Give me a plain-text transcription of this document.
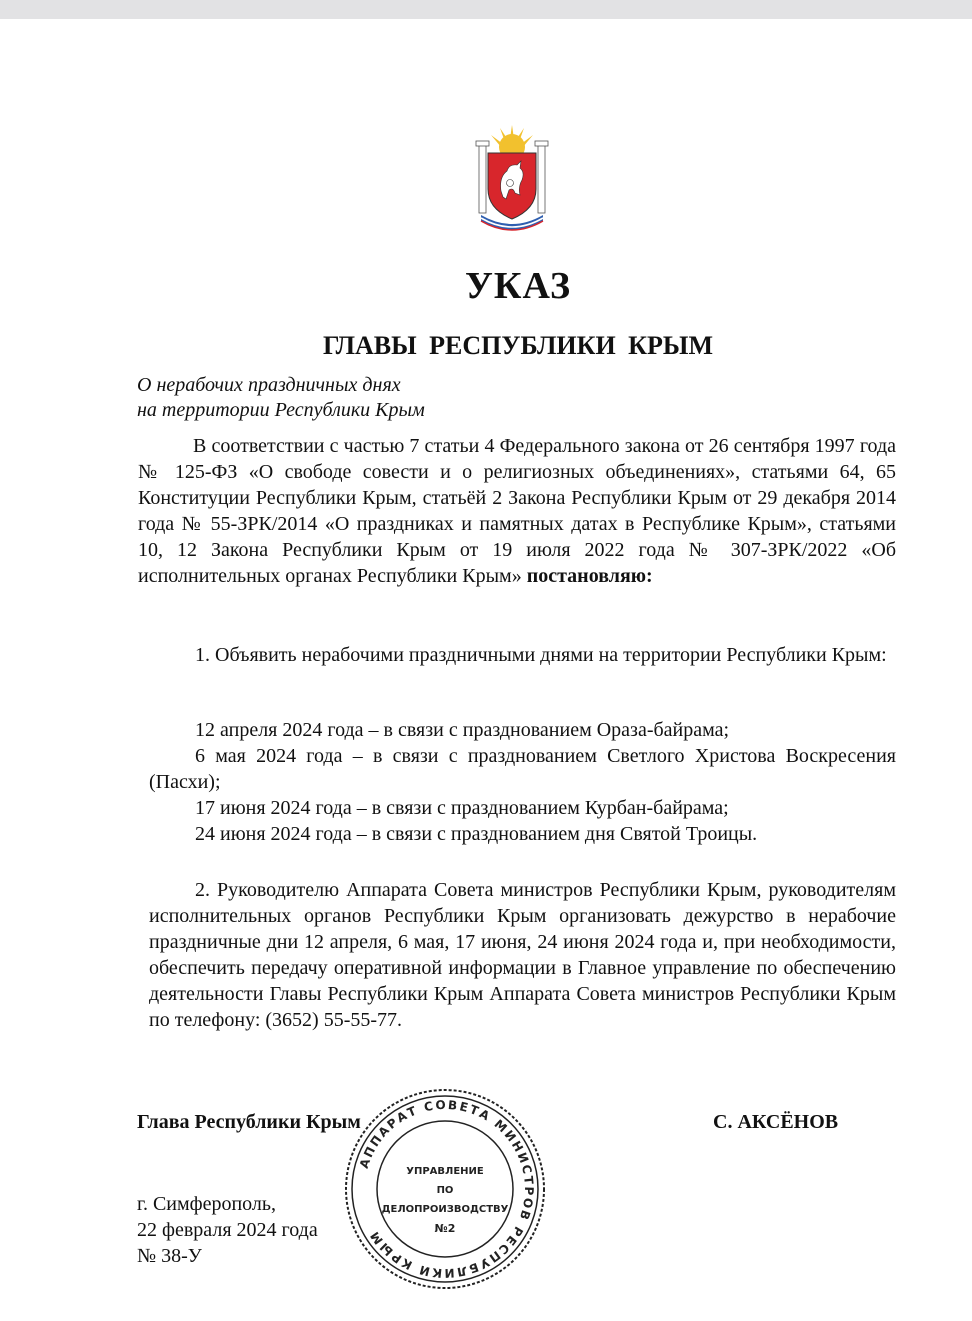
УКАЗ
ГЛАВЫ РЕСПУБЛИКИ КРЫМ
О нерабочих праздничных днях
на территории Республики Крым

В соответствии с частью 7 статьи 4 Федерального закона от 26 сентября 1997 года № 125-ФЗ «О свободе совести и о религиозных объединениях», статьями 64, 65 Конституции Республики Крым, статьёй 2 Закона Республики Крым от 29 декабря 2014 года № 55-ЗРК/2014 «О праздниках и памятных датах в Республике Крым», статьями 10, 12 Закона Республики Крым от 19 июля 2022 года № 307-ЗРК/2022 «Об исполнительных органах Республики Крым» постановляю:

1. Объявить нерабочими праздничными днями на территории Республики Крым:

12 апреля 2024 года – в связи с празднованием Ораза-байрама;
6 мая 2024 года – в связи с празднованием Светлого Христова Воскресения (Пасхи);
17 июня 2024 года – в связи с празднованием Курбан-байрама;
24 июня 2024 года – в связи с празднованием дня Святой Троицы.

2. Руководителю Аппарата Совета министров Республики Крым, руководителям исполнительных органов Республики Крым организовать дежурство в нерабочие праздничные дни 12 апреля, 6 мая, 17 июня, 24 июня 2024 года и, при необходимости, обеспечить передачу оперативной информации в Главное управление по обеспечению деятельности Главы Республики Крым Аппарата Совета министров Республики Крым по телефону: (3652) 55-55-77.

Глава Республики Крым	С. АКСЁНОВ
г. Симферополь,
22 февраля 2024 года
№ 38-У
АППАРАТ СОВЕТА МИНИСТРОВ РЕСПУБЛИКИ КРЫМ
УПРАВЛЕНИЕ
ПО
ДЕЛОПРОИЗВОДСТВУ
№2
